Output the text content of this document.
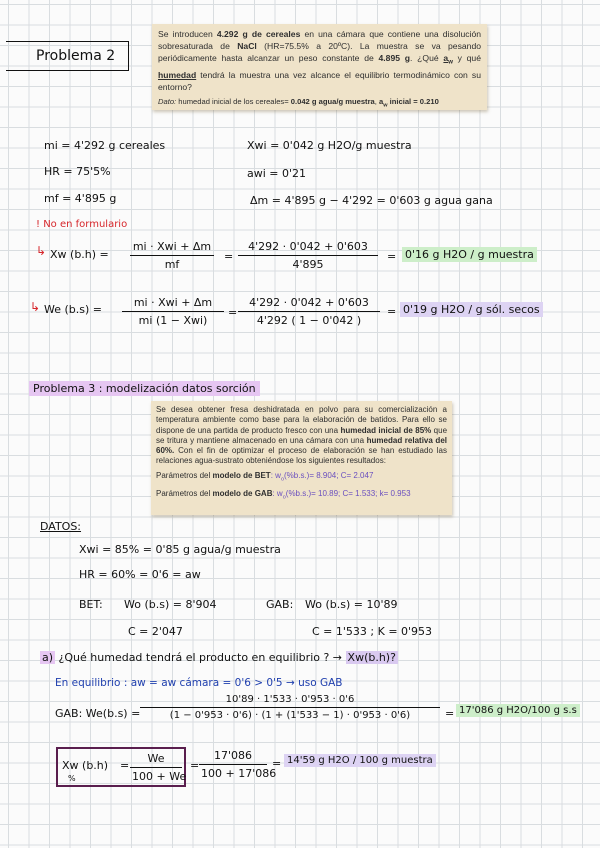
Problema 2

Se introducen 4.292 g de cereales en una cámara que contiene una disolución sobresaturada de NaCl (HR=75.5% a 20ºC). La muestra se va pesando periódicamente hasta alcanzar un peso constante de 4.895 g. ¿Qué $a_w$ y qué humedad tendrá la muestra una vez alcance el equilibrio termodinámico con su entorno?

Dato: humedad inicial de los cereales= 0.042 g agua/g muestra, $a_w$ inicial = 0.210

mi = 4'292 g cereales	Xwi = 0'042 g H2O/g muestra
HR = 75'5%	awi = 0'21
mf = 4'895 g	Δm = 4'895 g − 4'292 = 0'603 g agua gana
! No en formulario
↳ Xw (b.h) =
mi · Xwi + Δm
mf
= $\frac{4'292 \cdot 0'042 + 0'603}{4'895} = 0'16$ g H2O / g muestra
↳ We (b.s) =
mi · Xwi + Δm
mi (1 − Xwi)
= $\frac{4'292 \cdot 0'042 + 0'603}{4'292 ( 1 - 0'042 )} = 0'19$ g H2O / g sól. secos
Problema 3 : modelización datos sorción

Se desea obtener fresa deshidratada en polvo para su comercialización a temperatura ambiente como base para la elaboración de batidos. Para ello se dispone de una partida de producto fresco con una humedad inicial de 85% que se tritura y mantiene almacenado en una cámara con una humedad relativa del 60%. Con el fin de optimizar el proceso de elaboración se han estudiado las relaciones agua-sustrato obteniéndose los siguientes resultados:

Parámetros del modelo de BET: $w_o(\%b.s.)= 8.904$; C= 2.047

Parámetros del modelo de GAB: $w_o(\%b.s.)= 10.89$; C= 1.533; k= 0.953

DATOS:
Xwi = 85% = 0'85 g agua/g muestra
HR = 60% = 0'6 = aw
BET: Wo (b.s) = 8'904	GAB: Wo (b.s) = 10'89
C = 2'047	C = 1'533 ; K = 0'953
a) ¿Qué humedad tendrá el producto en equilibrio ? → Xw(b.h)?
En equilibrio : aw = aw cámara = 0'6 > 0'5 → uso GAB
GAB: $We(b.s) = \frac{10'89 \cdot 1'533 \cdot 0'953 \cdot 0'6}{(1 - 0'953 \cdot 0'6) \cdot (1 + (1'533 - 1) \cdot 0'953 \cdot 0'6)} = 17'086$ g H2O/100 g s.s
Xw (b.h)
%
= $\frac{We}{100 + We} = \frac{17'086}{100 + 17'086} = 14'59$ g H2O / 100 g muestra
